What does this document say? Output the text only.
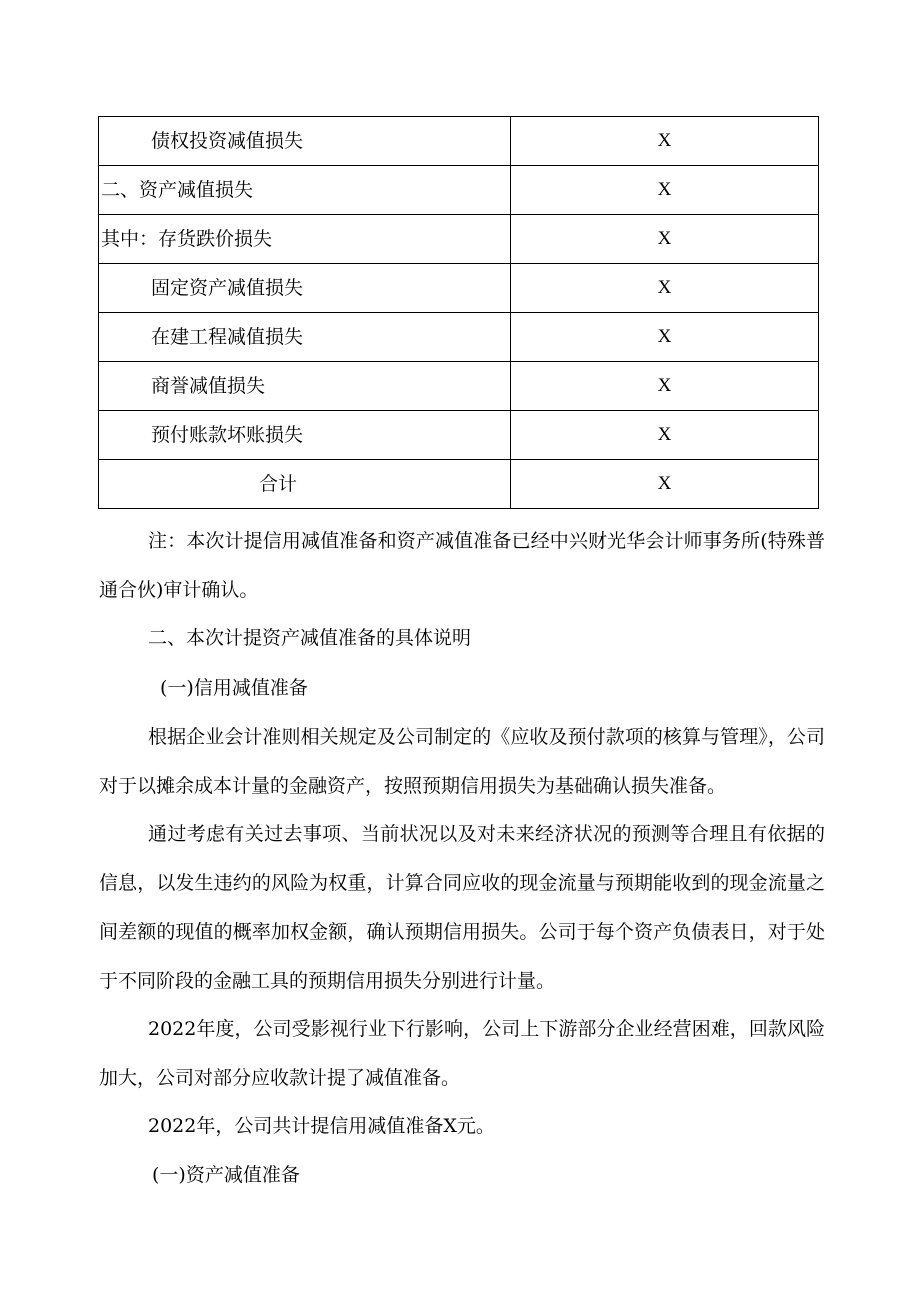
债权投资减值损失	X
二、资产减值损失	X
其中：存货跌价损失	X
固定资产减值损失	X
在建工程减值损失	X
商誉减值损失	X
预付账款坏账损失	X
合计	X

注：本次计提信用减值准备和资产减值准备已经中兴财光华会计师事务所(特殊普通合伙)审计确认。

二、本次计提资产减值准备的具体说明

(一)信用减值准备

根据企业会计准则相关规定及公司制定的《应收及预付款项的核算与管理》，公司对于以摊余成本计量的金融资产，按照预期信用损失为基础确认损失准备。

通过考虑有关过去事项、当前状况以及对未来经济状况的预测等合理且有依据的信息，以发生违约的风险为权重，计算合同应收的现金流量与预期能收到的现金流量之间差额的现值的概率加权金额，确认预期信用损失。公司于每个资产负债表日，对于处于不同阶段的金融工具的预期信用损失分别进行计量。

2022年度，公司受影视行业下行影响，公司上下游部分企业经营困难，回款风险加大，公司对部分应收款计提了减值准备。

2022年，公司共计提信用减值准备X元。

(一)资产减值准备
